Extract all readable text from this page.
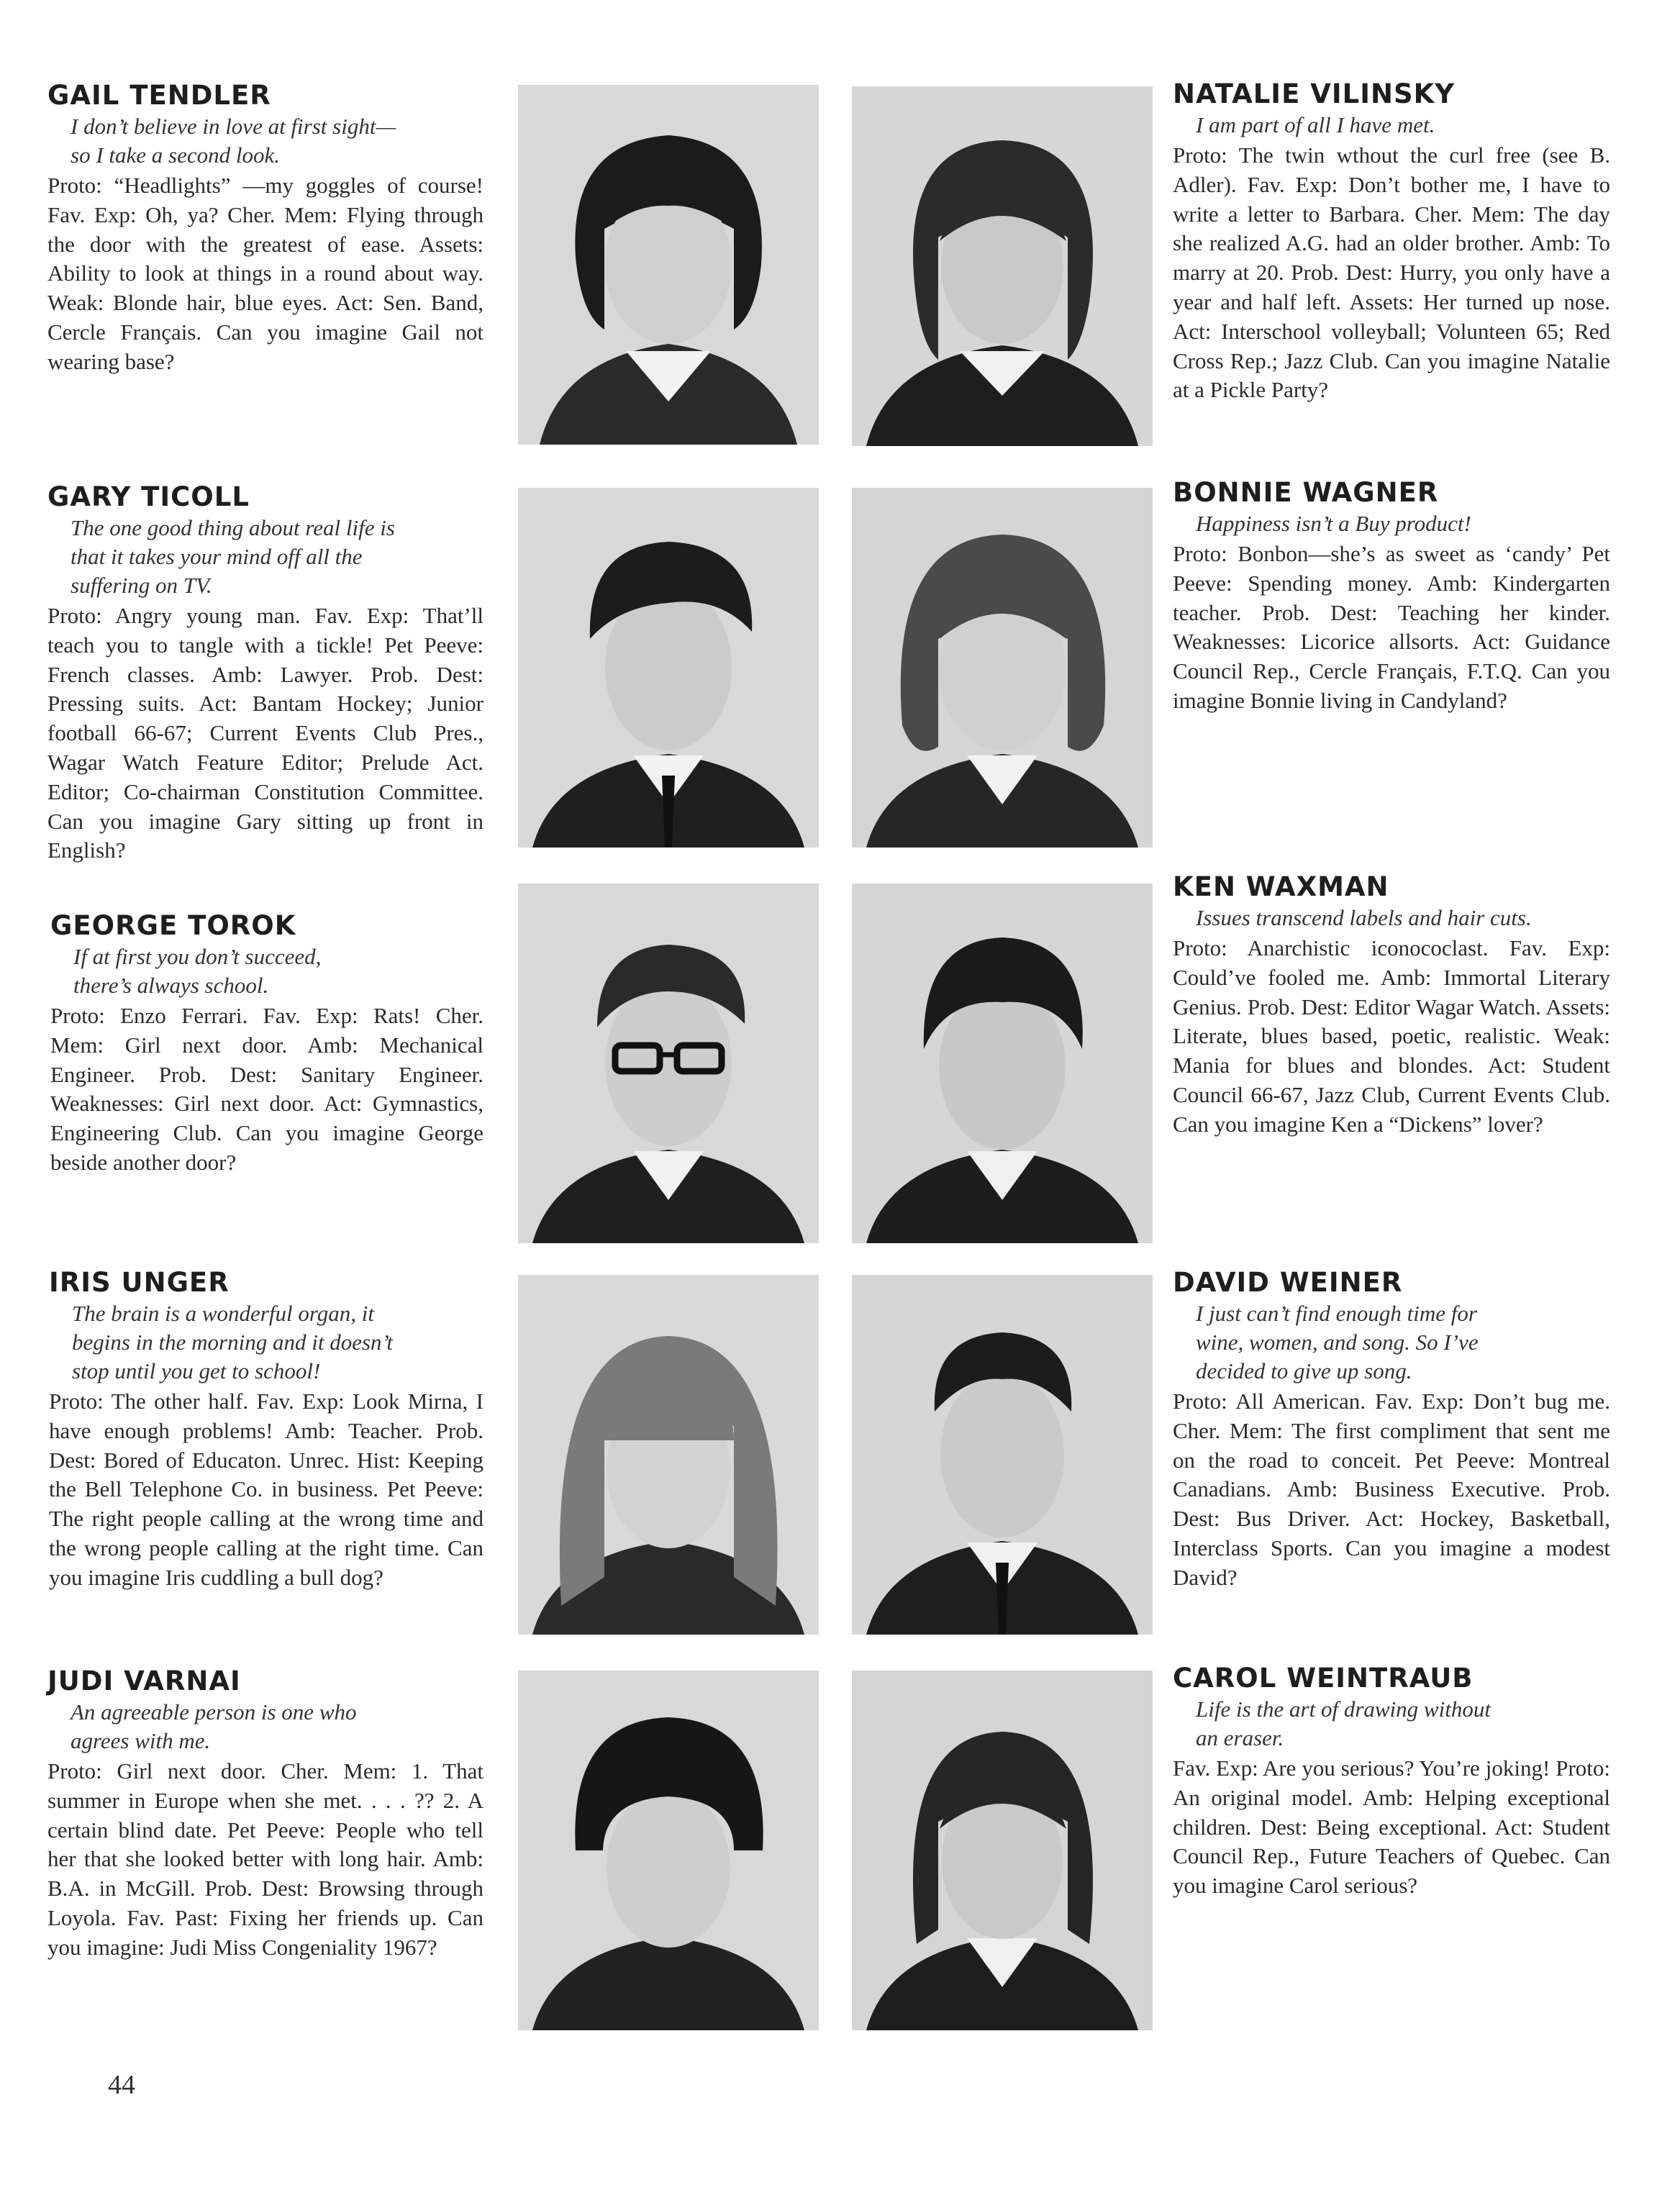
GAIL TENDLER
I don’t believe in love at first sight—
so I take a second look.
Proto: “Headlights” —my goggles of course! Fav. Exp: Oh, ya? Cher. Mem: Flying through the door with the greatest of ease. Assets: Ability to look at things in a round about way. Weak: Blonde hair, blue eyes. Act: Sen. Band, Cercle Français. Can you imagine Gail not wearing base?
GARY TICOLL
The one good thing about real life is
that it takes your mind off all the
suffering on TV.
Proto: Angry young man. Fav. Exp: That’ll teach you to tangle with a tickle! Pet Peeve: French classes. Amb: Lawyer. Prob. Dest: Pressing suits. Act: Bantam Hockey; Junior football 66-67; Current Events Club Pres., Wagar Watch Feature Editor; Prelude Act. Editor; Co-chairman Constitution Committee. Can you imagine Gary sitting up front in English?
GEORGE TOROK
If at first you don’t succeed,
there’s always school.
Proto: Enzo Ferrari. Fav. Exp: Rats! Cher. Mem: Girl next door. Amb: Mechanical Engineer. Prob. Dest: Sanitary Engineer. Weaknesses: Girl next door. Act: Gymnastics, Engineering Club. Can you imagine George beside another door?
IRIS UNGER
The brain is a wonderful organ, it
begins in the morning and it doesn’t
stop until you get to school!
Proto: The other half. Fav. Exp: Look Mirna, I have enough problems! Amb: Teacher. Prob. Dest: Bored of Educaton. Unrec. Hist: Keeping the Bell Telephone Co. in business. Pet Peeve: The right people calling at the wrong time and the wrong people calling at the right time. Can you imagine Iris cuddling a bull dog?
JUDI VARNAI
An agreeable person is one who
agrees with me.
Proto: Girl next door. Cher. Mem: 1. That summer in Europe when she met. . . . ?? 2. A certain blind date. Pet Peeve: People who tell her that she looked better with long hair. Amb: B.A. in McGill. Prob. Dest: Browsing through Loyola. Fav. Past: Fixing her friends up. Can you imagine: Judi Miss Congeniality 1967?
NATALIE VILINSKY
I am part of all I have met.
Proto: The twin wthout the curl free (see B. Adler). Fav. Exp: Don’t bother me, I have to write a letter to Barbara. Cher. Mem: The day she realized A.G. had an older brother. Amb: To marry at 20. Prob. Dest: Hurry, you only have a year and half left. Assets: Her turned up nose. Act: Interschool volleyball; Volunteen 65; Red Cross Rep.; Jazz Club. Can you imagine Natalie at a Pickle Party?
BONNIE WAGNER
Happiness isn’t a Buy product!
Proto: Bonbon—she’s as sweet as ‘candy’ Pet Peeve: Spending money. Amb: Kindergarten teacher. Prob. Dest: Teaching her kinder. Weaknesses: Licorice allsorts. Act: Guidance Council Rep., Cercle Français, F.T.Q. Can you imagine Bonnie living in Candyland?
KEN WAXMAN
Issues transcend labels and hair cuts.
Proto: Anarchistic iconococlast. Fav. Exp: Could’ve fooled me. Amb: Immortal Literary Genius. Prob. Dest: Editor Wagar Watch. Assets: Literate, blues based, poetic, realistic. Weak: Mania for blues and blondes. Act: Student Council 66-67, Jazz Club, Current Events Club. Can you imagine Ken a “Dickens” lover?
DAVID WEINER
I just can’t find enough time for
wine, women, and song. So I’ve
decided to give up song.
Proto: All American. Fav. Exp: Don’t bug me. Cher. Mem: The first compliment that sent me on the road to conceit. Pet Peeve: Montreal Canadians. Amb: Business Executive. Prob. Dest: Bus Driver. Act: Hockey, Basketball, Interclass Sports. Can you imagine a modest David?
CAROL WEINTRAUB
Life is the art of drawing without
an eraser.
Fav. Exp: Are you serious? You’re joking! Proto: An original model. Amb: Helping exceptional children. Dest: Being exceptional. Act: Student Council Rep., Future Teachers of Quebec. Can you imagine Carol serious?
44
